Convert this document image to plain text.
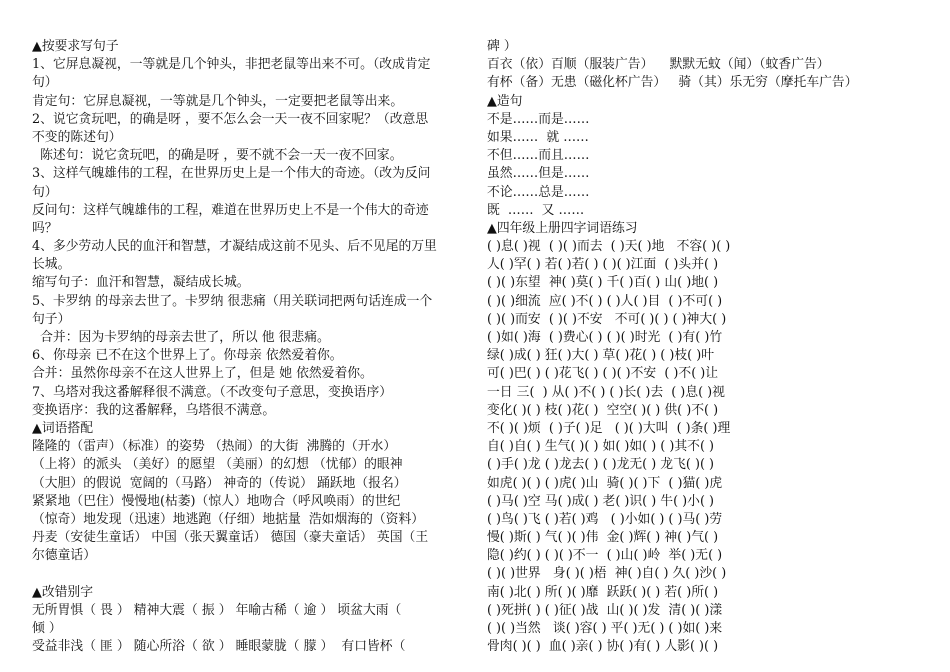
▲按要求写句子
1、它屏息凝视，一等就是几个钟头，非把老鼠等出来不可。（改成肯定
句）
肯定句：它屏息凝视，一等就是几个钟头，一定要把老鼠等出来。
2、说它贪玩吧，的确是呀 ，要不怎么会一天一夜不回家呢？（改意思
不变的陈述句）
陈述句：说它贪玩吧，的确是呀 ，要不就不会一天一夜不回家。
3、这样气魄雄伟的工程，在世界历史上是一个伟大的奇迹。（改为反问
句）
反问句：这样气魄雄伟的工程，难道在世界历史上不是一个伟大的奇迹
吗？
4、多少劳动人民的血汗和智慧，才凝结成这前不见头、后不见尾的万里
长城。
缩写句子：血汗和智慧，凝结成长城。
5、卡罗纳 的母亲去世了。卡罗纳 很悲痛（用关联词把两句话连成一个
句子）
合并：因为卡罗纳的母亲去世了，所以 他 很悲痛。
6、你母亲 已不在这个世界上了。你母亲 依然爱着你。
合并：虽然你母亲不在这人世界上了，但是 她 依然爱着你。
7、乌塔对我这番解释很不满意。（不改变句子意思，变换语序）
变换语序：我的这番解释，乌塔很不满意。
▲词语搭配
隆隆的（雷声）（标准）的姿势 （热闹）的大街  沸腾的（开水）
（上将）的派头 （美好）的愿望 （美丽）的幻想 （忧郁）的眼神
（大胆）的假说  宽阔的（马路） 神奇的（传说） 踊跃地（报名）
紧紧地（巴住）慢慢地(枯萎)（惊人）地吻合（呼风唤雨）的世纪
（惊奇）地发现（迅速）地逃跑（仔细）地掂量  浩如烟海的（资料）
丹麦（安徒生童话） 中国（张天翼童话） 德国（豪夫童话） 英国（王
尔德童话）
▲改错别字
无所胃惧（ 畏 ） 精神大震（ 振 ） 年喻古稀（ 逾 ） 顷盆大雨（
倾 ）
受益非浅（ 匪 ） 随心所浴（ 欲 ） 睡眼蒙胧（ 朦 ）  有口皆杯（
碑 ）
百衣（依）百顺（服装广告）    默默无蚊（闻）（蚊香广告）
有杯（备）无患（磁化杯广告）   骑（其）乐无穷（摩托车广告）
▲造句
不是……而是……
如果……  就 ……
不但……而且……
虽然……但是……
不论……总是……
既  ……  又 ……
▲四年级上册四字词语练习
( )息( )视  ( )( )而去  ( )天( )地   不容( )( )
人( )罕( ) 若( )若( ) ( )( )江面  ( )头并( )
( )( )东望  神( )莫( ) 千( )百( ) 山( )地( )
( )( )细流  应( )不( ) ( )人( )目  ( )不可( )
( )( )而安  ( )( )不安   不可( )( ) ( )神大( )
( )如( )海  ( )费心( ) ( )( )时光  ( )有( )竹
绿( )成( ) 狂( )大( ) 草( )花( ) ( )枝( )叶
可( )巴( ) ( )花飞( ) ( )( )不安  ( )不( )让
一日 三(  ) 从( )不( ) ( )长( )去  ( )息( )视
变化( )( ) 枝( )花( )  空空( )( ) 供( )不( )
不( )( )烦  ( )子( )足   ( )( )大叫  ( )条( )理
自( )自( ) 生气( )( ) 如( )如( ) ( )其不( )
( )手( )龙 ( )龙去( ) ( )龙无( ) 龙飞( )( )
如虎( )( ) ( )虎( )山  骑( )( )下  ( )猫( )虎
( )马( )空 马( )成( ) 老( )识( ) 牛( )小( )
( )鸟( )飞 ( )若( )鸡   ( )小如( ) ( )马( )劳
慢( )斯( ) 气( )( )伟  金( )辉( ) 神( )气( )
隐( )约( ) ( )( )不一  ( )山( )岭  举( )无( )
( )( )世界   身( )( )梧  神( )自( ) 久( )沙( )
南( )北( ) 所( )( )靡  跃跃( )( ) 若( )所( )
( )死拼( ) ( )征( )战  山( )( )发  清( )( )漾
( )( )当然   谈( )容( ) 平( )无( ) ( )如( )来
骨肉( )( )  血( )亲( ) 协( )有( ) 人影( )( )
